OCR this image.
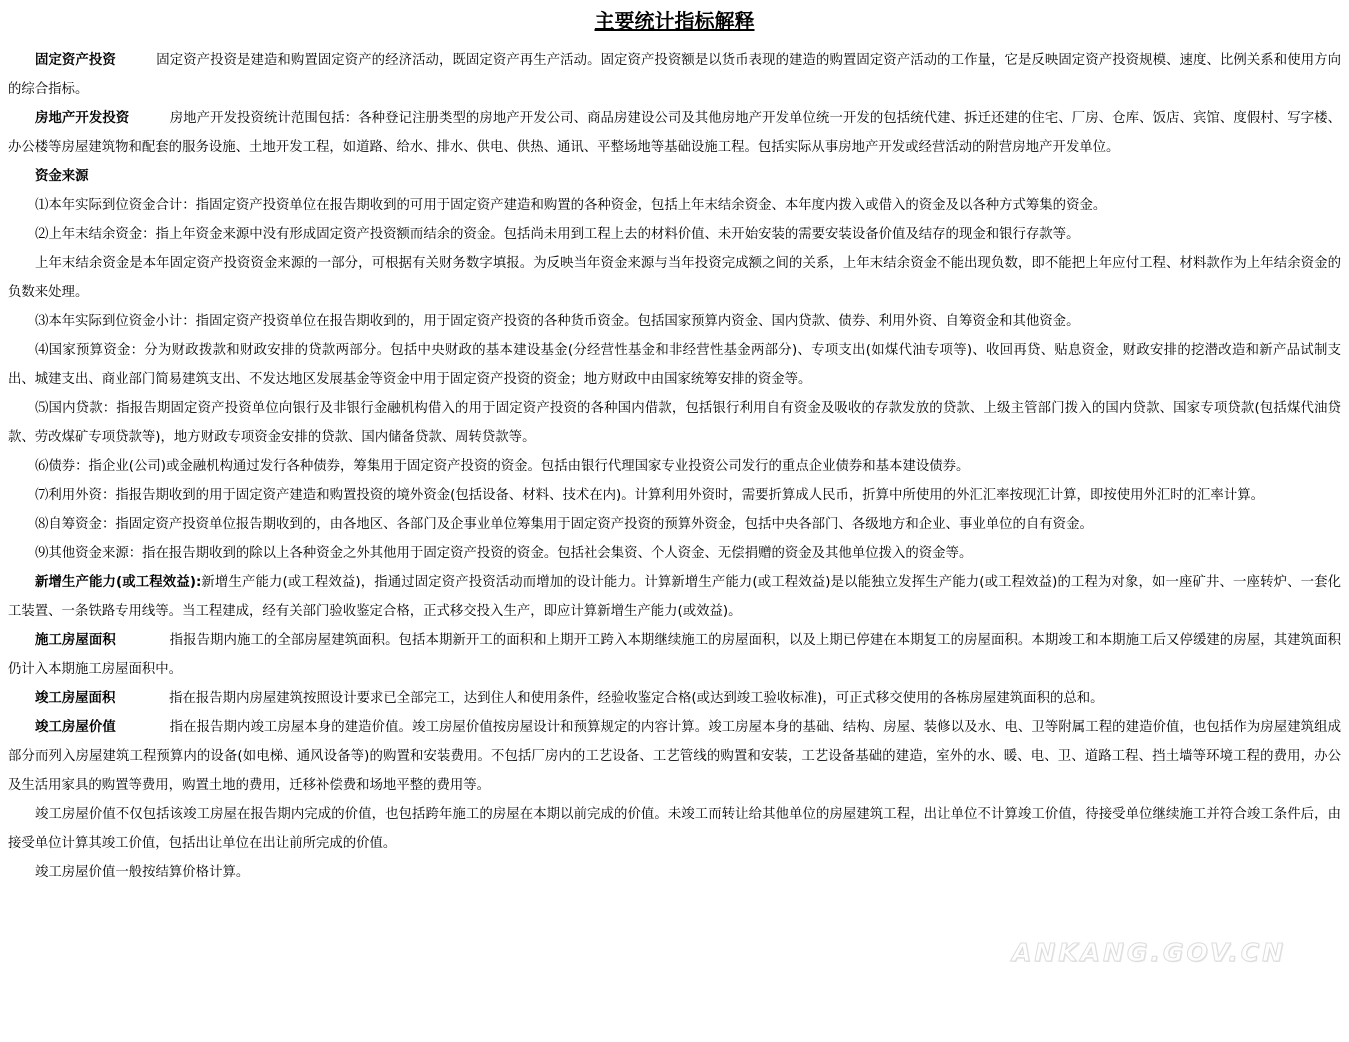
主要统计指标解释

固定资产投资　	固定资产投资是建造和购置固定资产的经济活动，既固定资产再生产活动。固定资产投资额是以货币表现的建造的购置固定资产活动的工作量，它是反映固定资产投资规模、速度、比例关系和使用方向的综合指标。

房地产开发投资　	房地产开发投资统计范围包括：各种登记注册类型的房地产开发公司、商品房建设公司及其他房地产开发单位统一开发的包括统代建、拆迁还建的住宅、厂房、仓库、饭店、宾馆、度假村、写字楼、办公楼等房屋建筑物和配套的服务设施、土地开发工程，如道路、给水、排水、供电、供热、通讯、平整场地等基础设施工程。包括实际从事房地产开发或经营活动的附营房地产开发单位。

资金来源

⑴本年实际到位资金合计：指固定资产投资单位在报告期收到的可用于固定资产建造和购置的各种资金，包括上年末结余资金、本年度内拨入或借入的资金及以各种方式筹集的资金。

⑵上年末结余资金：指上年资金来源中没有形成固定资产投资额而结余的资金。包括尚未用到工程上去的材料价值、未开始安装的需要安装设备价值及结存的现金和银行存款等。

上年末结余资金是本年固定资产投资资金来源的一部分，可根据有关财务数字填报。为反映当年资金来源与当年投资完成额之间的关系，上年末结余资金不能出现负数，即不能把上年应付工程、材料款作为上年结余资金的负数来处理。

⑶本年实际到位资金小计：指固定资产投资单位在报告期收到的，用于固定资产投资的各种货币资金。包括国家预算内资金、国内贷款、债券、利用外资、自筹资金和其他资金。

⑷国家预算资金：分为财政拨款和财政安排的贷款两部分。包括中央财政的基本建设基金(分经营性基金和非经营性基金两部分)、专项支出(如煤代油专项等)、收回再贷、贴息资金，财政安排的挖潜改造和新产品试制支出、城建支出、商业部门简易建筑支出、不发达地区发展基金等资金中用于固定资产投资的资金；地方财政中由国家统筹安排的资金等。

⑸国内贷款：指报告期固定资产投资单位向银行及非银行金融机构借入的用于固定资产投资的各种国内借款，包括银行利用自有资金及吸收的存款发放的贷款、上级主管部门拨入的国内贷款、国家专项贷款(包括煤代油贷款、劳改煤矿专项贷款等)，地方财政专项资金安排的贷款、国内储备贷款、周转贷款等。

⑹债券：指企业(公司)或金融机构通过发行各种债券，筹集用于固定资产投资的资金。包括由银行代理国家专业投资公司发行的重点企业债券和基本建设债券。

⑺利用外资：指报告期收到的用于固定资产建造和购置投资的境外资金(包括设备、材料、技术在内)。计算利用外资时，需要折算成人民币，折算中所使用的外汇汇率按现汇计算，即按使用外汇时的汇率计算。

⑻自筹资金：指固定资产投资单位报告期收到的，由各地区、各部门及企事业单位筹集用于固定资产投资的预算外资金，包括中央各部门、各级地方和企业、事业单位的自有资金。

⑼其他资金来源：指在报告期收到的除以上各种资金之外其他用于固定资产投资的资金。包括社会集资、个人资金、无偿捐赠的资金及其他单位拨入的资金等。

新增生产能力(或工程效益):新增生产能力(或工程效益)，指通过固定资产投资活动而增加的设计能力。计算新增生产能力(或工程效益)是以能独立发挥生产能力(或工程效益)的工程为对象，如一座矿井、一座转炉、一套化工装置、一条铁路专用线等。当工程建成，经有关部门验收鉴定合格，正式移交投入生产，即应计算新增生产能力(或效益)。

施工房屋面积　　	指报告期内施工的全部房屋建筑面积。包括本期新开工的面积和上期开工跨入本期继续施工的房屋面积，以及上期已停建在本期复工的房屋面积。本期竣工和本期施工后又停缓建的房屋，其建筑面积仍计入本期施工房屋面积中。

竣工房屋面积　　	指在报告期内房屋建筑按照设计要求已全部完工，达到住人和使用条件，经验收鉴定合格(或达到竣工验收标准)，可正式移交使用的各栋房屋建筑面积的总和。

竣工房屋价值　　	指在报告期内竣工房屋本身的建造价值。竣工房屋价值按房屋设计和预算规定的内容计算。竣工房屋本身的基础、结构、房屋、装修以及水、电、卫等附属工程的建造价值，也包括作为房屋建筑组成部分而列入房屋建筑工程预算内的设备(如电梯、通风设备等)的购置和安装费用。不包括厂房内的工艺设备、工艺管线的购置和安装，工艺设备基础的建造，室外的水、暖、电、卫、道路工程、挡土墙等环境工程的费用，办公及生活用家具的购置等费用，购置土地的费用，迁移补偿费和场地平整的费用等。

竣工房屋价值不仅包括该竣工房屋在报告期内完成的价值，也包括跨年施工的房屋在本期以前完成的价值。未竣工而转让给其他单位的房屋建筑工程，出让单位不计算竣工价值，待接受单位继续施工并符合竣工条件后，由接受单位计算其竣工价值，包括出让单位在出让前所完成的价值。

竣工房屋价值一般按结算价格计算。

ANKANG.GOV.CN
